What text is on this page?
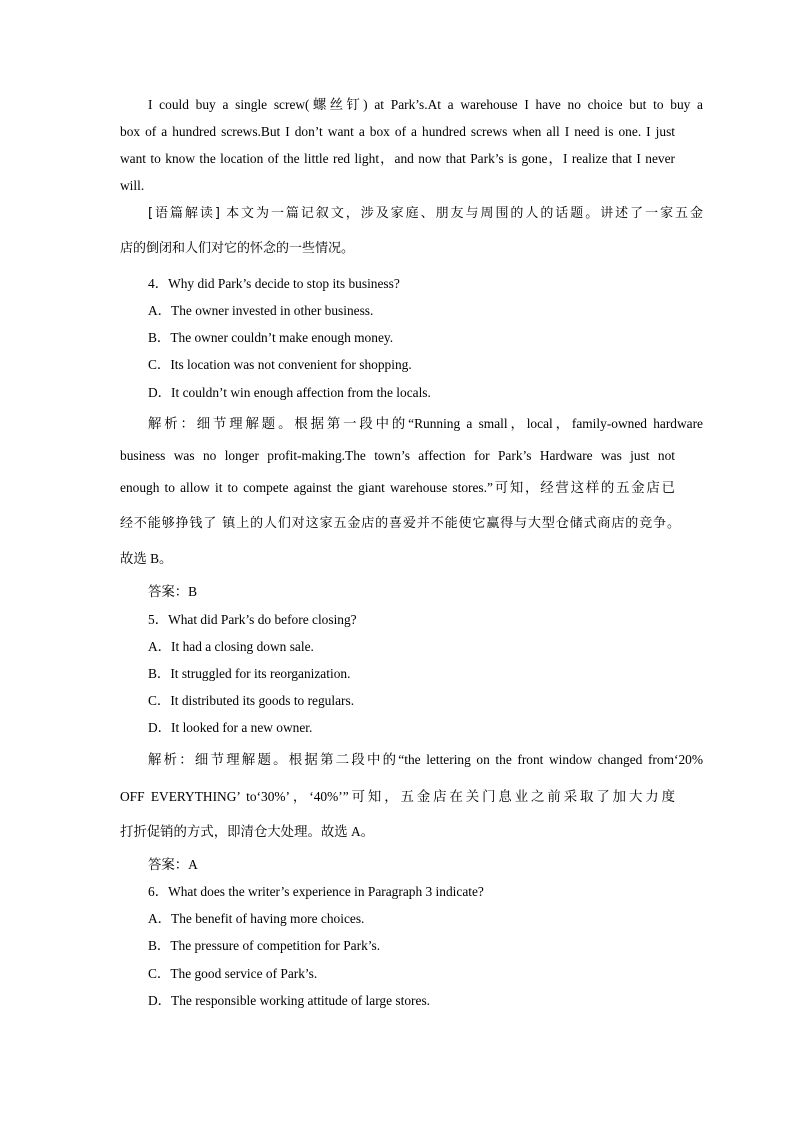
I could buy a single screw(螺丝钉) at Park’s.At a warehouse I have no choice but to buy a
box of a hundred screws.But I don’t want a box of a hundred screws when all I need is one. I just
want to know the location of the little red light，and now that Park’s is gone，I realize that I never
will.
[语篇解读] 本文为一篇记叙文，涉及家庭、朋友与周围的人的话题。讲述了一家五金
店的倒闭和人们对它的怀念的一些情况。
4．Why did Park’s decide to stop its business?
A．The owner invested in other business.
B．The owner couldn’t make enough money.
C．Its location was not convenient for shopping.
D．It couldn’t win enough affection from the locals.
解析：细节理解题。根据第一段中的“Running a small，local，family-owned hardware
business was no longer profit-making.The town’s affection for Park’s Hardware was just not
enough to allow it to compete against the giant warehouse stores.”可知，经营这样的五金店已
经不能够挣钱了 镇上的人们对这家五金店的喜爱并不能使它赢得与大型仓储式商店的竞争。
故选 B。
答案：B
5．What did Park’s do before closing?
A．It had a closing down sale.
B．It struggled for its reorganization.
C．It distributed its goods to regulars.
D．It looked for a new owner.
解析：细节理解题。根据第二段中的“the lettering on the front window changed from‘20%
OFF EVERYTHING’ to‘30%’，‘40%’”可知，五金店在关门息业之前采取了加大力度
打折促销的方式，即清仓大处理。故选 A。
答案：A
6．What does the writer’s experience in Paragraph 3 indicate?
A．The benefit of having more choices.
B．The pressure of competition for Park’s.
C．The good service of Park’s.
D．The responsible working attitude of large stores.
